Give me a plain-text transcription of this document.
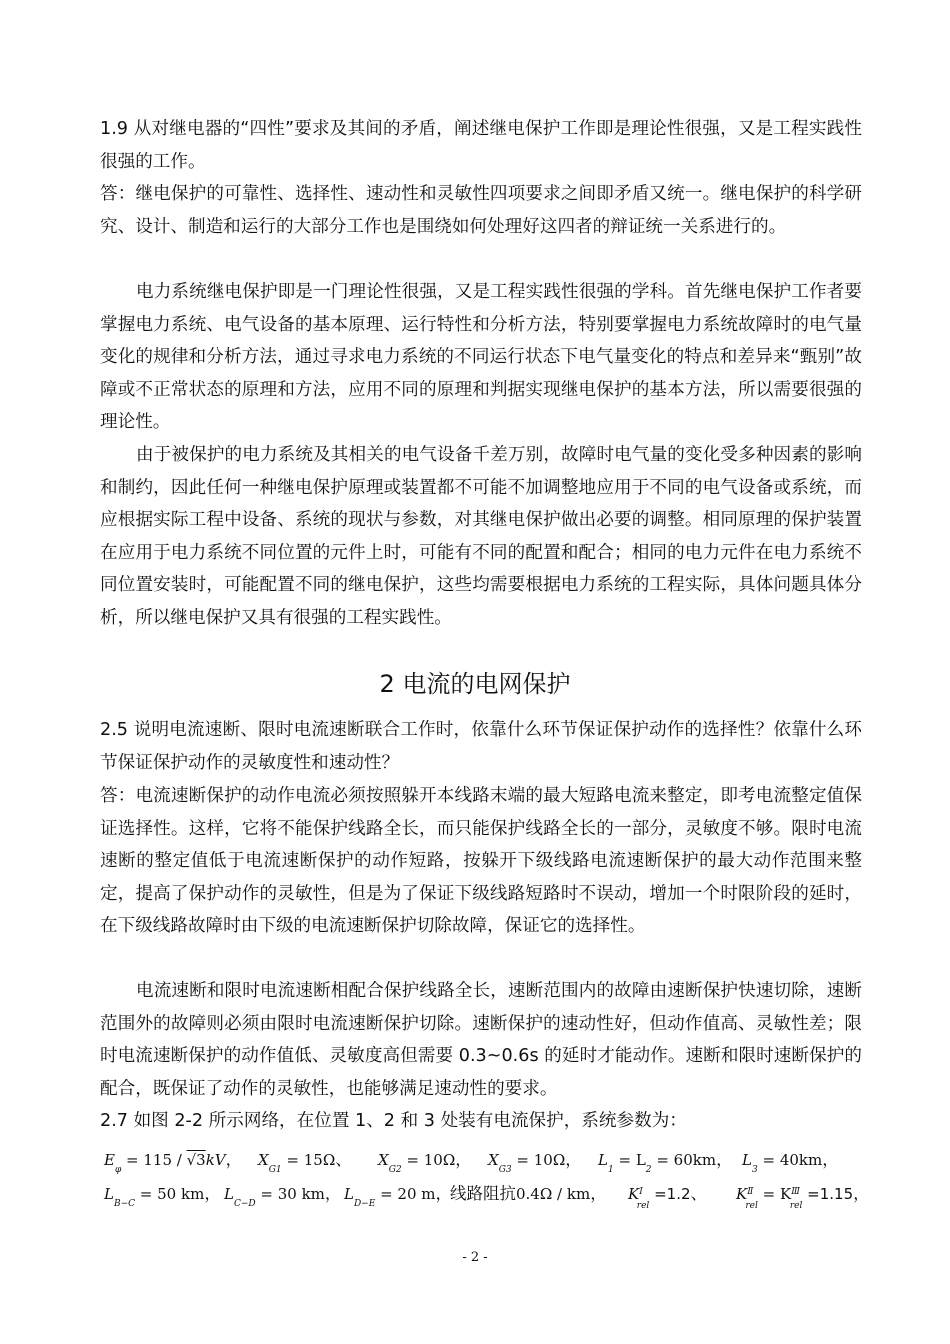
1.9 从对继电器的“四性”要求及其间的矛盾，阐述继电保护工作即是理论性很强，又是工程实践性很强的工作。

答：继电保护的可靠性、选择性、速动性和灵敏性四项要求之间即矛盾又统一。继电保护的科学研究、设计、制造和运行的大部分工作也是围绕如何处理好这四者的辩证统一关系进行的。

电力系统继电保护即是一门理论性很强，又是工程实践性很强的学科。首先继电保护工作者要掌握电力系统、电气设备的基本原理、运行特性和分析方法，特别要掌握电力系统故障时的电气量变化的规律和分析方法，通过寻求电力系统的不同运行状态下电气量变化的特点和差异来“甄别”故障或不正常状态的原理和方法，应用不同的原理和判据实现继电保护的基本方法，所以需要很强的理论性。

由于被保护的电力系统及其相关的电气设备千差万别，故障时电气量的变化受多种因素的影响和制约，因此任何一种继电保护原理或装置都不可能不加调整地应用于不同的电气设备或系统，而应根据实际工程中设备、系统的现状与参数，对其继电保护做出必要的调整。相同原理的保护装置在应用于电力系统不同位置的元件上时，可能有不同的配置和配合；相同的电力元件在电力系统不同位置安装时，可能配置不同的继电保护，这些均需要根据电力系统的工程实际，具体问题具体分析，所以继电保护又具有很强的工程实践性。

2 电流的电网保护

2.5 说明电流速断、限时电流速断联合工作时，依靠什么环节保证保护动作的选择性？依靠什么环节保证保护动作的灵敏度性和速动性？

答：电流速断保护的动作电流必须按照躲开本线路末端的最大短路电流来整定，即考电流整定值保证选择性。这样，它将不能保护线路全长，而只能保护线路全长的一部分，灵敏度不够。限时电流速断的整定值低于电流速断保护的动作短路，按躲开下级线路电流速断保护的最大动作范围来整定，提高了保护动作的灵敏性，但是为了保证下级线路短路时不误动，增加一个时限阶段的延时，在下级线路故障时由下级的电流速断保护切除故障，保证它的选择性。

电流速断和限时电流速断相配合保护线路全长，速断范围内的故障由速断保护快速切除，速断范围外的故障则必须由限时电流速断保护切除。速断保护的速动性好，但动作值高、灵敏性差；限时电流速断保护的动作值低、灵敏度高但需要 0.3~0.6s 的延时才能动作。速断和限时速断保护的配合，既保证了动作的灵敏性，也能够满足速动性的要求。

2.7 如图 2-2 所示网络，在位置 1、2 和 3 处装有电流保护，系统参数为：

$E_\varphi = 115 / √3kV$， $X_{G1} = 15\Omega$、 $X_{G2} = 10\Omega$， $X_{G3} = 10\Omega$， $L_1 = L_2 = 60km$， $L_3 = 40km$，
$L_{B-C} = 50$ km， $L_{C-D} = 30$ km， $L_{D-E} = 20$ m，
线路阻抗0.4Ω / km， $K^Ⅰ_{rel} =1.2$、 $K^Ⅱ_{rel} = K^Ⅲ_{rel} =1.15$，

- 2 -
